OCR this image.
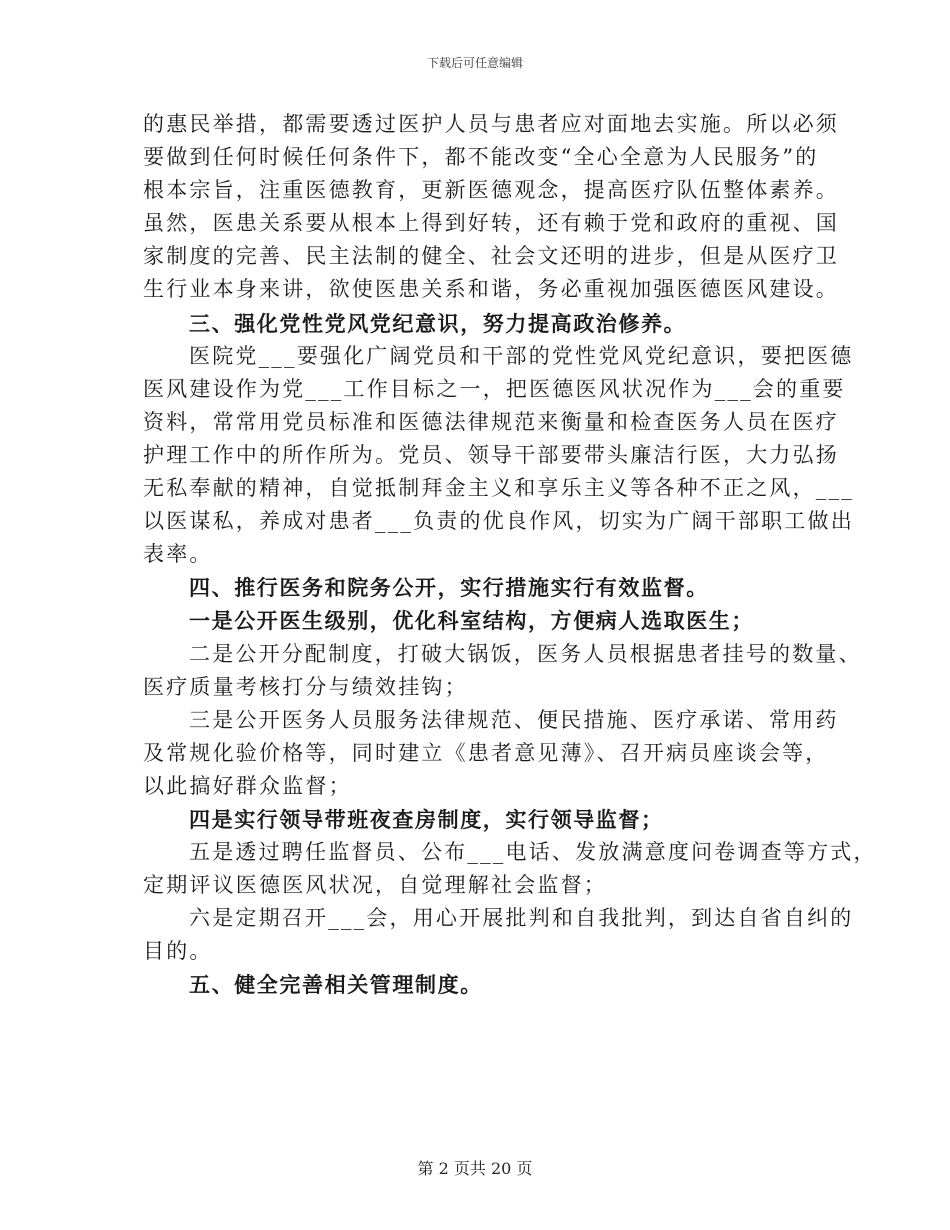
下载后可任意编辑
的惠民举措，都需要透过医护人员与患者应对面地去实施。所以必须
要做到任何时候任何条件下，都不能改变“全心全意为人民服务”的
根本宗旨，注重医德教育，更新医德观念，提高医疗队伍整体素养。
虽然，医患关系要从根本上得到好转，还有赖于党和政府的重视、国
家制度的完善、民主法制的健全、社会文还明的进步，但是从医疗卫
生行业本身来讲，欲使医患关系和谐，务必重视加强医德医风建设。
三、强化党性党风党纪意识，努力提高政治修养。
医院党___要强化广阔党员和干部的党性党风党纪意识，要把医德
医风建设作为党___工作目标之一，把医德医风状况作为___会的重要
资料，常常用党员标准和医德法律规范来衡量和检查医务人员在医疗
护理工作中的所作所为。党员、领导干部要带头廉洁行医，大力弘扬
无私奉献的精神，自觉抵制拜金主义和享乐主义等各种不正之风，___
以医谋私，养成对患者___负责的优良作风，切实为广阔干部职工做出
表率。
四、推行医务和院务公开，实行措施实行有效监督。
一是公开医生级别，优化科室结构，方便病人选取医生；
二是公开分配制度，打破大锅饭，医务人员根据患者挂号的数量、
医疗质量考核打分与绩效挂钩；
三是公开医务人员服务法律规范、便民措施、医疗承诺、常用药
及常规化验价格等，同时建立《患者意见薄》、召开病员座谈会等，
以此搞好群众监督；
四是实行领导带班夜查房制度，实行领导监督；
五是透过聘任监督员、公布___电话、发放满意度问卷调查等方式，
定期评议医德医风状况，自觉理解社会监督；
六是定期召开___会，用心开展批判和自我批判，到达自省自纠的
目的。
五、健全完善相关管理制度。
第 2 页共 20 页
